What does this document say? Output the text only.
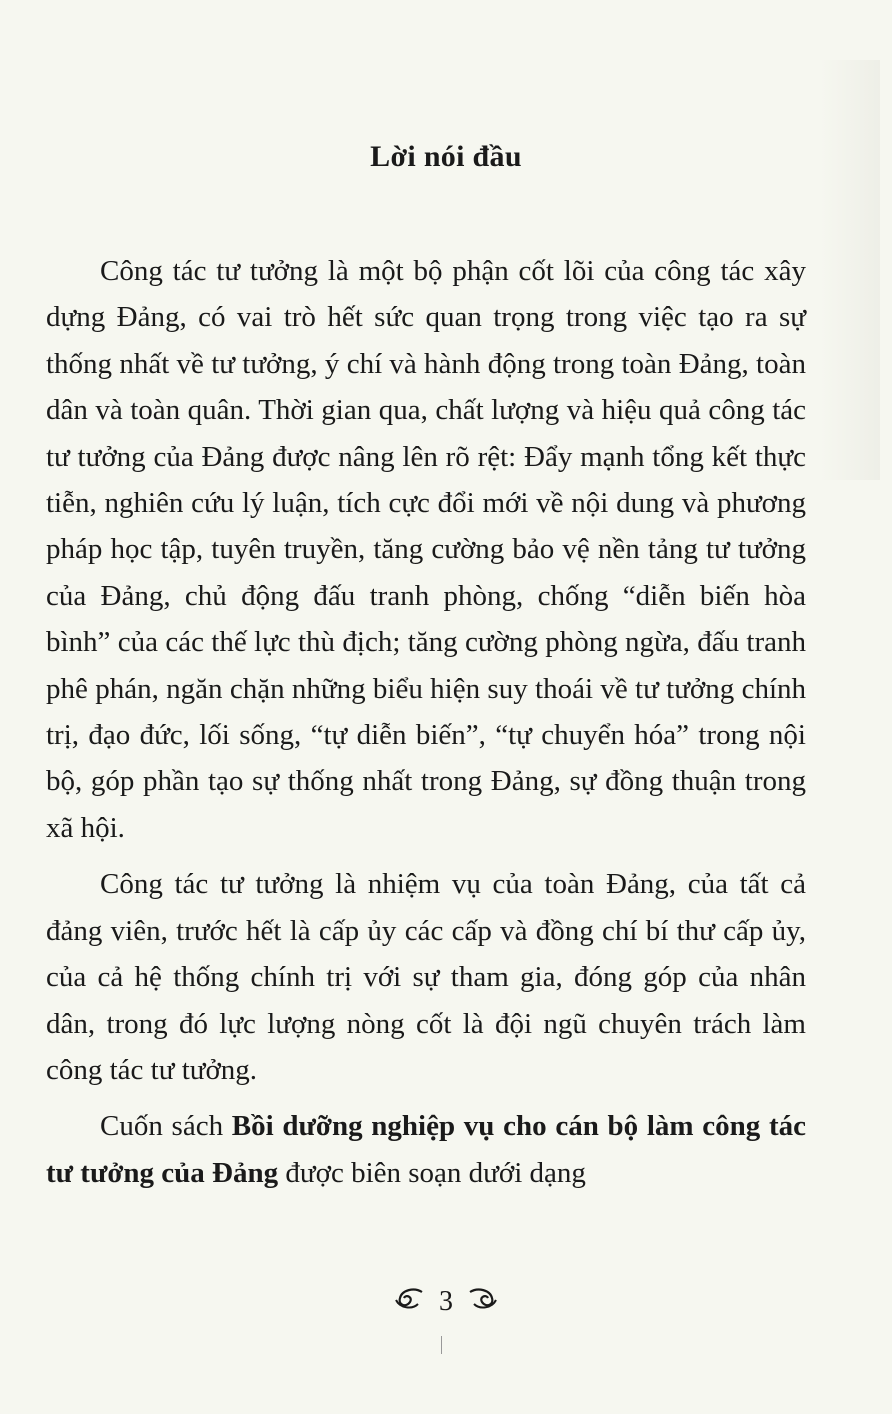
Lời nói đầu

Công tác tư tưởng là một bộ phận cốt lõi của công tác xây dựng Đảng, có vai trò hết sức quan trọng trong việc tạo ra sự thống nhất về tư tưởng, ý chí và hành động trong toàn Đảng, toàn dân và toàn quân. Thời gian qua, chất lượng và hiệu quả công tác tư tưởng của Đảng được nâng lên rõ rệt: Đẩy mạnh tổng kết thực tiễn, nghiên cứu lý luận, tích cực đổi mới về nội dung và phương pháp học tập, tuyên truyền, tăng cường bảo vệ nền tảng tư tưởng của Đảng, chủ động đấu tranh phòng, chống “diễn biến hòa bình” của các thế lực thù địch; tăng cường phòng ngừa, đấu tranh phê phán, ngăn chặn những biểu hiện suy thoái về tư tưởng chính trị, đạo đức, lối sống, “tự diễn biến”, “tự chuyển hóa” trong nội bộ, góp phần tạo sự thống nhất trong Đảng, sự đồng thuận trong xã hội.

Công tác tư tưởng là nhiệm vụ của toàn Đảng, của tất cả đảng viên, trước hết là cấp ủy các cấp và đồng chí bí thư cấp ủy, của cả hệ thống chính trị với sự tham gia, đóng góp của nhân dân, trong đó lực lượng nòng cốt là đội ngũ chuyên trách làm công tác tư tưởng.

Cuốn sách Bồi dưỡng nghiệp vụ cho cán bộ làm công tác tư tưởng của Đảng được biên soạn dưới dạng

3
